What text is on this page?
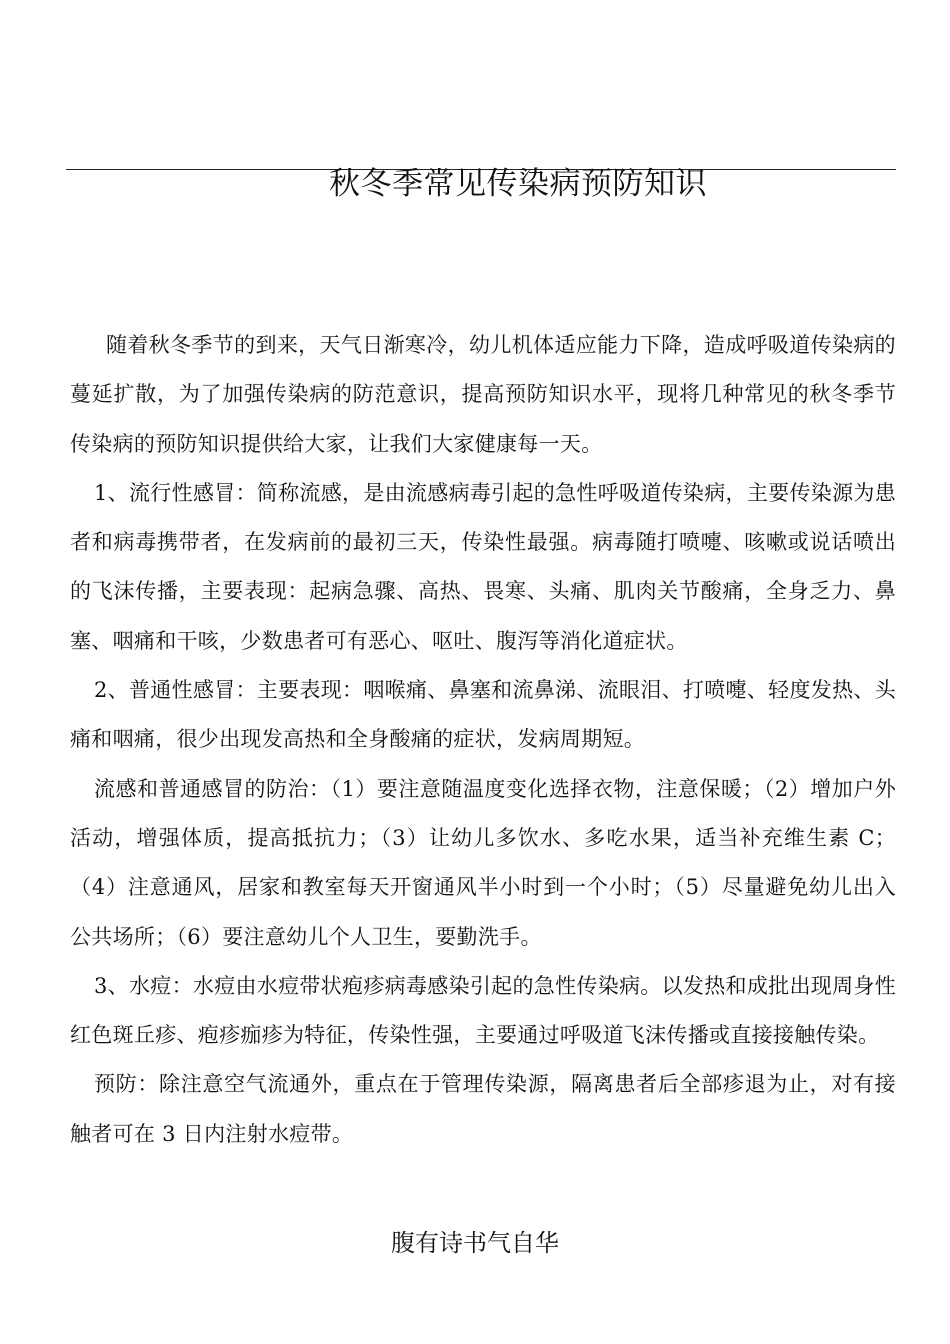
秋冬季常见传染病预防知识

随着秋冬季节的到来，天气日渐寒冷，幼儿机体适应能力下降，造成呼吸道传染病的蔓延扩散，为了加强传染病的防范意识，提高预防知识水平，现将几种常见的秋冬季节传染病的预防知识提供给大家，让我们大家健康每一天。

1、流行性感冒：简称流感，是由流感病毒引起的急性呼吸道传染病，主要传染源为患者和病毒携带者，在发病前的最初三天，传染性最强。病毒随打喷嚏、咳嗽或说话喷出的飞沫传播，主要表现：起病急骤、高热、畏寒、头痛、肌肉关节酸痛，全身乏力、鼻塞、咽痛和干咳，少数患者可有恶心、呕吐、腹泻等消化道症状。

2、普通性感冒：主要表现：咽喉痛、鼻塞和流鼻涕、流眼泪、打喷嚏、轻度发热、头痛和咽痛，很少出现发高热和全身酸痛的症状，发病周期短。

流感和普通感冒的防治：（1）要注意随温度变化选择衣物，注意保暖；（2）增加户外活动，增强体质，提高抵抗力；（3）让幼儿多饮水、多吃水果，适当补充维生素 C；（4）注意通风，居家和教室每天开窗通风半小时到一个小时；（5）尽量避免幼儿出入公共场所；（6）要注意幼儿个人卫生，要勤洗手。

3、水痘：水痘由水痘带状疱疹病毒感染引起的急性传染病。以发热和成批出现周身性红色斑丘疹、疱疹痂疹为特征，传染性强，主要通过呼吸道飞沫传播或直接接触传染。

预防：除注意空气流通外，重点在于管理传染源，隔离患者后全部疹退为止，对有接触者可在 3 日内注射水痘带。

腹有诗书气自华
